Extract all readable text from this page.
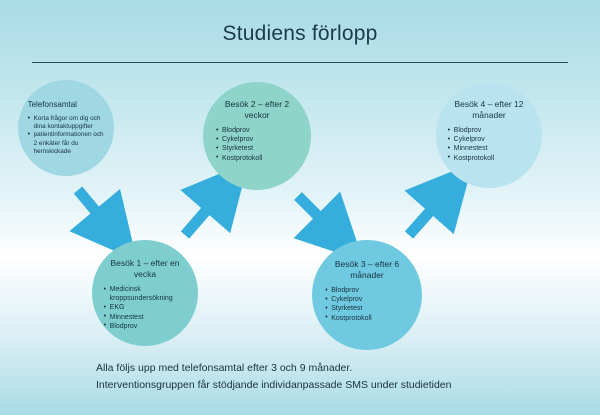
Studiens förlopp
Telefonsamtal
• Korta frågor om dig och dina kontaktuppgifter
• patientinformationen och 2 enkäter får du hemskickade
Besök 1 – efter en vecka
• Medicinsk kroppsundersökning
• EKG
• Minnestest
• Blodprov
Besök 2 – efter 2 veckor
• Blodprov
• Cykelprov
• Styrketest
• Kostprotokoll
Besök 3 – efter 6 månader
• Blodprov
• Cykelprov
• Styrketest
• Kostprotokoll
Besök 4 – efter 12 månader
• Blodprov
• Cykelprov
• Minnestest
• Kostprotokoll
Alla följs upp med telefonsamtal efter 3 och 9 månader.
Interventionsgruppen får stödjande individanpassade SMS under studietiden
